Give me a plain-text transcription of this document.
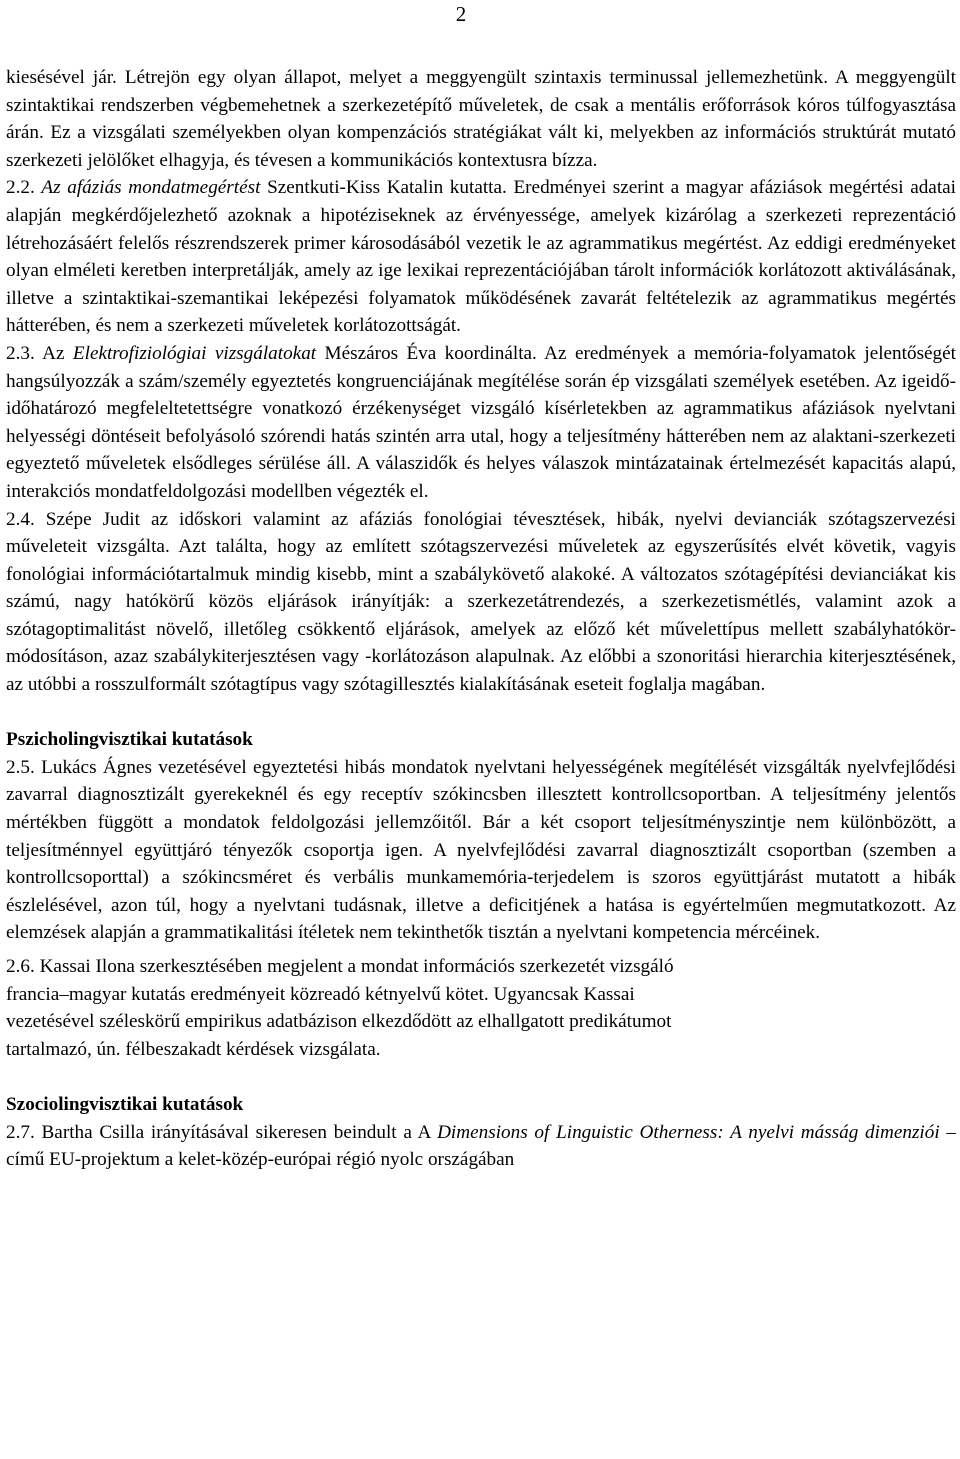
2

kiesésével jár. Létrejön egy olyan állapot, melyet a meggyengült szintaxis terminussal jellemezhetünk. A meggyengült szintaktikai rendszerben végbemehetnek a szerkezetépítő műveletek, de csak a mentális erőforrások kóros túlfogyasztása árán. Ez a vizsgálati személyekben olyan kompenzációs stratégiákat vált ki, melyekben az információs struktúrát mutató szerkezeti jelölőket elhagyja, és tévesen a kommunikációs kontextusra bízza.

2.2. Az afáziás mondatmegértést Szentkuti-Kiss Katalin kutatta. Eredményei szerint a magyar afáziások megértési adatai alapján megkérdőjelezhető azoknak a hipotéziseknek az érvényessége, amelyek kizárólag a szerkezeti reprezentáció létrehozásáért felelős részrendszerek primer károsodásából vezetik le az agrammatikus megértést. Az eddigi eredményeket olyan elméleti keretben interpretálják, amely az ige lexikai reprezentációjában tárolt információk korlátozott aktiválásának, illetve a szintaktikai-szemantikai leképezési folyamatok működésének zavarát feltételezik az agrammatikus megértés hátterében, és nem a szerkezeti műveletek korlátozottságát.

2.3. Az Elektrofiziológiai vizsgálatokat Mészáros Éva koordinálta. Az eredmények a memória-folyamatok jelentőségét hangsúlyozzák a szám/személy egyeztetés kongruenciájának megítélése során ép vizsgálati személyek esetében. Az igeidő-időhatározó megfeleltetettségre vonatkozó érzékenységet vizsgáló kísérletekben az agrammatikus afáziások nyelvtani helyességi döntéseit befolyásoló szórendi hatás szintén arra utal, hogy a teljesítmény hátterében nem az alaktani-szerkezeti egyeztető műveletek elsődleges sérülése áll. A válaszidők és helyes válaszok mintázatainak értelmezését kapacitás alapú, interakciós mondatfeldolgozási modellben végezték el.

2.4. Szépe Judit az időskori valamint az afáziás fonológiai tévesztések, hibák, nyelvi devianciák szótagszervezési műveleteit vizsgálta. Azt találta, hogy az említett szótagszervezési műveletek az egyszerűsítés elvét követik, vagyis fonológiai információtartalmuk mindig kisebb, mint a szabálykövető alakoké. A változatos szótagépítési devianciákat kis számú, nagy hatókörű közös eljárások irányítják: a szerkezetátrendezés, a szerkezetismétlés, valamint azok a szótagoptimalitást növelő, illetőleg csökkentő eljárások, amelyek az előző két művelettípus mellett szabályhatókör-módosításon, azaz szabálykiterjesztésen vagy -korlátozáson alapulnak. Az előbbi a szonoritási hierarchia kiterjesztésének, az utóbbi a rosszulformált szótagtípus vagy szótagillesztés kialakításának eseteit foglalja magában.

Pszicholingvisztikai kutatások

2.5. Lukács Ágnes vezetésével egyeztetési hibás mondatok nyelvtani helyességének megítélését vizsgálták nyelvfejlődési zavarral diagnosztizált gyerekeknél és egy receptív szókincsben illesztett kontrollcsoportban. A teljesítmény jelentős mértékben függött a mondatok feldolgozási jellemzőitől. Bár a két csoport teljesítményszintje nem különbözött, a teljesítménnyel együttjáró tényezők csoportja igen. A nyelvfejlődési zavarral diagnosztizált csoportban (szemben a kontrollcsoporttal) a szókincsméret és verbális munkamemória-terjedelem is szoros együttjárást mutatott a hibák észlelésével, azon túl, hogy a nyelvtani tudásnak, illetve a deficitjének a hatása is egyértelműen megmutatkozott. Az elemzések alapján a grammatikalitási ítéletek nem tekinthetők tisztán a nyelvtani kompetencia mércéinek.

2.6. Kassai Ilona szerkesztésében megjelent a mondat információs szerkezetét vizsgáló
francia–magyar kutatás eredményeit közreadó kétnyelvű kötet. Ugyancsak Kassai
vezetésével széleskörű empirikus adatbázison elkezdődött az elhallgatott predikátumot
tartalmazó, ún. félbeszakadt kérdések vizsgálata.

Szociolingvisztikai kutatások

2.7. Bartha Csilla irányításával sikeresen beindult a A Dimensions of Linguistic Otherness: A nyelvi másság dimenziói – című EU-projektum a kelet-közép-európai régió nyolc országában
